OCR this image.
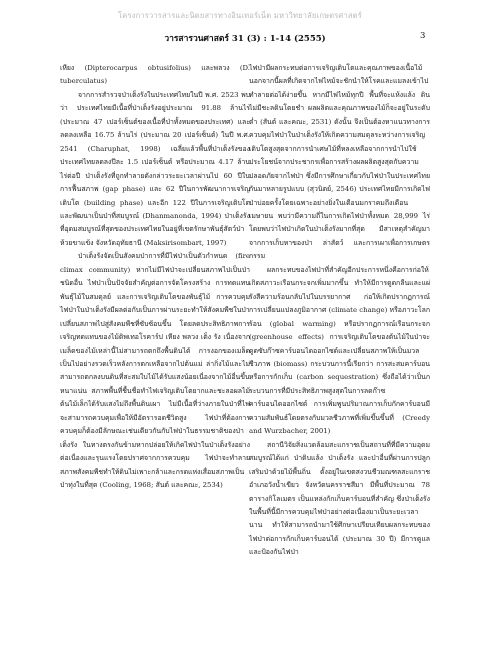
โครงการวารสารและนิตยสารทางอินเทอร์เน็ต มหาวิทยาลัยเกษตรศาสตร์
วารสารวนศาสตร์ 31 (3) : 1-14 (2555)	3

เหียง (Dipterocarpus obtusifolius) และพลวง (D. tuberculatus)

จากการสำรวจป่าเต็งรังในประเทศไทยในปี พ.ศ. 2523 พบว่า ประเทศไทยมีเนื้อที่ป่าเต็งรังอยู่ประมาณ 91.88 ล้านไร่ (ประมาณ 47 เปอร์เซ็นต์ของเนื้อที่ป่าทั้งหมดของประเทศ) และลดลงเหลือ 16.75 ล้านไร่ (ประมาณ 20 เปอร์เซ็นต์) ในปี พ.ศ. 2541 (Charuphat, 1998) เฉลี่ยแล้วพื้นที่ป่าเต็งรังของประเทศไทยลดลงปีละ 1.5 เปอร์เซ็นต์ หรือประมาณ 4.17 ล้านไร่ต่อปี ป่าเต็งรังที่ถูกทำลายดังกล่าวระยะเวลาผ่านไป 60 ปีในการฟื้นสภาพ (gap phase) และ 62 ปีในการพัฒนาการเจริญเติบโต (building phase) และอีก 122 ปีในการเจริญเติบโตและพัฒนาเป็นป่าที่สมบูรณ์ (Dhanmanonda, 1994) ป่าเต็งรังที่อุดมสมบูรณ์ที่สุดของประเทศไทยในอยู่ที่เขตรักษาพันธุ์สัตว์ป่าห้วยขาแข้ง จังหวัดอุทัยธานี (Maksirisombart, 1997)

ป่าเต็งรังจัดเป็นสังคมป่าการที่มีไฟป่าเป็นตัวกำหนด (fire climax community) หากไม่มีไฟป่าจะเปลี่ยนสภาพไปเป็นป่าชนิดอื่น ไฟป่าเป็นปัจจัยสำคัญต่อการจัดโครงสร้าง การทดแทนพันธุ์ไม้ในสมดุลย์ และการเจริญเติบโตของพันธุ์ไม้ การควบคุมไฟป่าในป่าเต็งรังมีผลต่อกับเป็นการผ่านระยะทำให้สังคมพืชในป่าเปลี่ยนสภาพไปสู่สังคมพืชที่ซับซ้อนขึ้น โดยลดประสิทธิภาพการเจริญทดแทนของไม้ดิพเทอโรคาร์ป เหียง พลวง เต็ง รัง เนื่องจากเมล็ดของไม้เหล่านี้ไม่สามารถตกถึงพื้นดินได้ การงอกของเมล็ดเป็นไปอย่างรวดเร็วหลังการตกเหลือจากไปต้นแม่ ล่ากิ่งไม้และไม่สามารถตกลงบนดินที่สะสมใบไม้ได้รับแสงน้อยเนื่องจากไม้อื่นขึ้นหนาแน่น สภาพพื้นที่ชื้นชื่อทำไฟเจริญเติบโตยากและชะลอผลไม้ ต้นไม้เล็กได้รับแสงไม่ถึงพื้นดินเผา ไม่มีเนื้อที่ว่างภายในป่าที่ไฟจะสามารถควบคุมเพื่อให้มีอัตรารอดชีวิตสูง ไฟป่าที่ต้องการควบคุมก็ต้องมีลักษณะเช่นเดียวกันกับไฟป่าในธรรมชาติของป่าเต็งรัง ในทางตรงกันข้ามหากปล่อยให้เกิดไฟป่าในป่าเต็งรังอย่างต่อเนื่องและรุนแรงโดยปราศจากการควบคุม ไฟป่าจะทำลายสภาพสังคมพืชทำให้ดินไม่เพาะกล้าและกรดแห่งเสื่อมสภาพเป็นป่าทุ่งในที่สุด (Cooling, 1968; สันต์ และคณะ, 2534)

ไฟป่ามีผลกระทบต่อการเจริญเติบโตและคุณภาพของเนื้อไม้ นอกจากนี้ผลที่เกิดจากไฟไหม้จะชักนำให้โรคและแมลงเข้าไปทำลายต่อได้ง่ายขึ้น หากมีไฟไหม้ทุกปี พื้นที่จะแห้งแล้ง ดินไม่มีชะลดินโดยชำ ผลผลิตและคุณภาพของไม้ก็จะอยู่ในระดับต่ำ (สันต์ และคณะ, 2531) ดังนั้น จึงเป็นต้องหาแนวทางการควบคุมไฟป่าในป่าเต็งรังให้เกิดความสมดุลระหว่างการเจริญเติบโตสูงสุดจากการนำเศษไม้ที่หลงเหลือจากการนำไปใช้ประโยชน์จากประชากรเพื่อการสร้างผลผลิตสูงสุดกับความปลอดภัยจากไฟป่า ซึ่งมีการศึกษาเกี่ยวกับไฟป่าในประเทศไทยกันมาหลายรูปแบบ (สุวนิตย์, 2546) ประเทศไทยมีการเกิดไฟป่าบ่อยครั้งโดยเฉพาะอย่างยิ่งในเดือนมกราคมถึงเดือนเมษายน พบว่ามีความถี่ในการเกิดไฟป่าทั้งหมด 28,999 ไร่ โดยพบว่าไฟป่าเกิดในป่าเต็งรังมากที่สุด มีสาเหตุสำคัญมาจากการเก็บหาของป่า ล่าสัตว์ และการเผาเพื่อการเกษตรกรรม

ผลกระทบของไฟป่าที่สำคัญอีกประการหนึ่งคือการก่อให้เกิดสภาวะเรือนกระจกเพิ่มมากขึ้น ทำให้มีการดูดกลืนและแผ่รังสีความร้อนกลับไปในบรรยากาศ ก่อให้เกิดปรากฏการณ์การเปลี่ยนแปลงภูมิอากาศ (climate change) หรือภาวะโลกร้อน (global warming) หรือปรากฏการณ์เรือนกระจก (greenhouse effects) การเจริญเติบโตของต้นไม้ในป่าจะดูดซับก๊าซคาร์บอนไดออกไซด์และเปลี่ยนสภาพให้เป็นมวลชีวภาพ (biomass) กระบวนการนี้เรียกว่า การสะสมคาร์บอนหรือการกักเก็บ (carbon sequestration) ซึ่งถือได้ว่าเป็นกระบวนการที่มีประสิทธิภาพสูงสุดในการลดก๊าซคาร์บอนไดออกไซด์ การเพิ่มพูนปริมาณการเก็บกักคาร์บอนมีความสัมพันธ์โดยตรงกับมวลชีวภาพที่เพิ่มขึ้นขึ้นที่ (Creedy and Wurzbacher, 2001)

สถานีวิจัยสิ่งแวดล้อมสะแกราชเป็นสถานที่ที่มีความอุดมสมบูรณ์ได้แก่ ป่าดิบแล้ง ป่าเต็งรัง และป่าอื่นที่ผ่านการปลูกเสริมป่าด้วยไม้พื้นถิ่น ตั้งอยู่ในเขตสงวนชีวมณฑลสะแกราช อำเภอวังน้ำเขียว จังหวัดนครราชสีมา มีพื้นที่ประมาณ 78 ตารางกิโลเมตร เป็นแหล่งกักเก็บคาร์บอนที่สำคัญ ซึ่งป่าเต็งรังในพื้นที่นี้มีการควบคุมไฟป่าอย่างต่อเนื่องมาเป็นระยะเวลานาน ทำให้สามารถนำมาใช้ศึกษาเปรียบเทียบผลกระทบของไฟป่าต่อการกักเก็บคาร์บอนได้ (ประมาณ 30 ปี) มีการดูแลและป้องกันไฟป่า
